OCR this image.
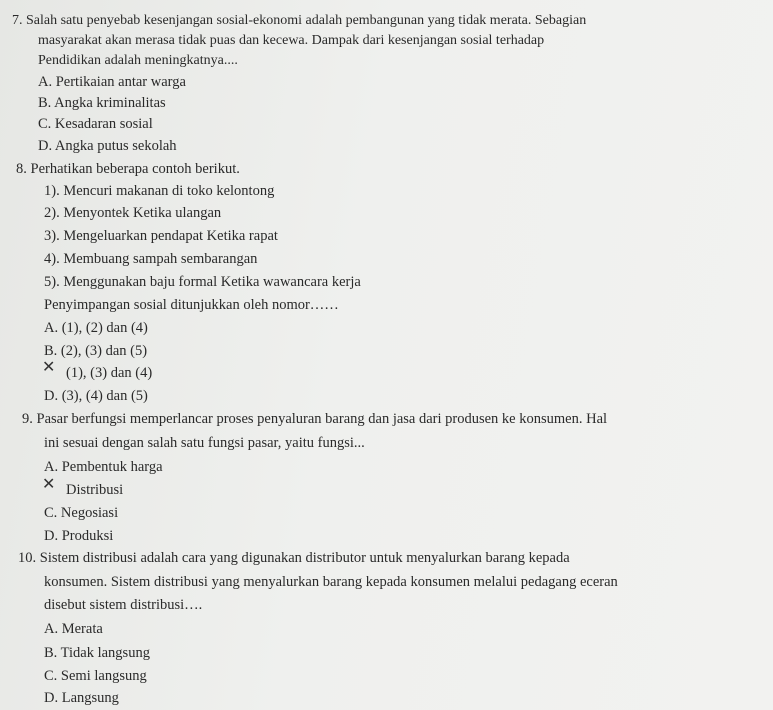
7. Salah satu penyebab kesenjangan sosial-ekonomi adalah pembangunan yang tidak merata. Sebagian
masyarakat akan merasa tidak puas dan kecewa. Dampak dari kesenjangan sosial terhadap
Pendidikan adalah meningkatnya....
A. Pertikaian antar warga
B. Angka kriminalitas
C. Kesadaran sosial
D. Angka putus sekolah
8. Perhatikan beberapa contoh berikut.
1). Mencuri makanan di toko kelontong
2). Menyontek Ketika ulangan
3). Mengeluarkan pendapat Ketika rapat
4). Membuang sampah sembarangan
5). Menggunakan baju formal Ketika wawancara kerja
Penyimpangan sosial ditunjukkan oleh nomor……
A. (1), (2) dan (4)
B. (2), (3) dan (5)
✕ (1), (3) dan (4)
D. (3), (4) dan (5)
9. Pasar berfungsi memperlancar proses penyaluran barang dan jasa dari produsen ke konsumen. Hal
ini sesuai dengan salah satu fungsi pasar, yaitu fungsi...
A. Pembentuk harga
✕ Distribusi
C. Negosiasi
D. Produksi
10. Sistem distribusi adalah cara yang digunakan distributor untuk menyalurkan barang kepada
konsumen. Sistem distribusi yang menyalurkan barang kepada konsumen melalui pedagang eceran
disebut sistem distribusi….
A. Merata
B. Tidak langsung
C. Semi langsung
D. Langsung
